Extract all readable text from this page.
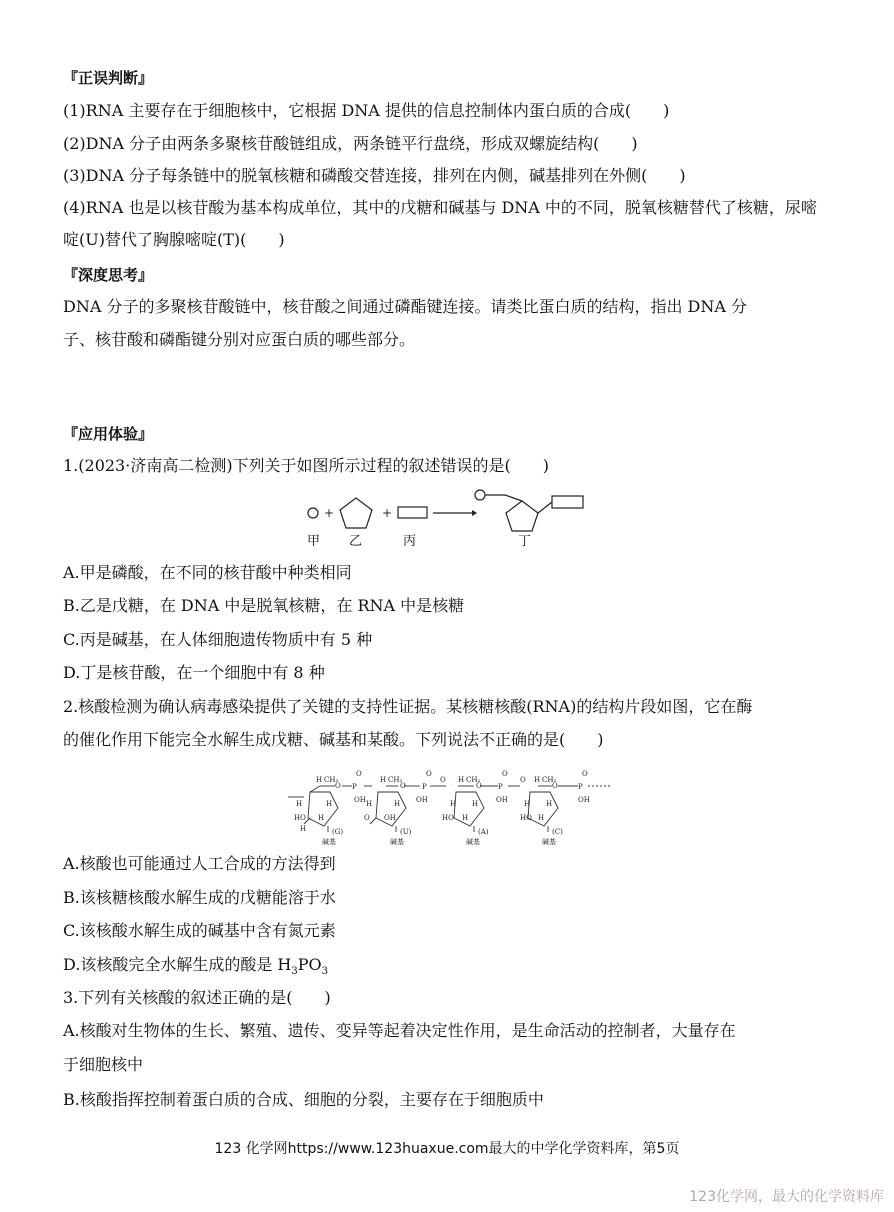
『正误判断』
(1)RNA 主要存在于细胞核中，它根据 DNA 提供的信息控制体内蛋白质的合成(　　)
(2)DNA 分子由两条多聚核苷酸链组成，两条链平行盘绕，形成双螺旋结构(　　)
(3)DNA 分子每条链中的脱氧核糖和磷酸交替连接，排列在内侧，碱基排列在外侧(　　)
(4)RNA 也是以核苷酸为基本构成单位，其中的戊糖和碱基与 DNA 中的不同，脱氧核糖替代了核糖，尿嘧
啶(U)替代了胸腺嘧啶(T)(　　)
『深度思考』
DNA 分子的多聚核苷酸链中，核苷酸之间通过磷酯键连接。请类比蛋白质的结构，指出 DNA 分
子、核苷酸和磷酯键分别对应蛋白质的哪些部分。
『应用体验』
1.(2023·济南高二检测)下列关于如图所示过程的叙述错误的是(　　)
+	+
甲 乙	丙	丁
A.甲是磷酸，在不同的核苷酸中种类相同
B.乙是戊糖，在 DNA 中是脱氧核糖，在 RNA 中是核糖
C.丙是碱基，在人体细胞遗传物质中有 5 种
D.丁是核苷酸，在一个细胞中有 8 种
2.核酸检测为确认病毒感染提供了关键的支持性证据。某核糖核酸(RNA)的结构片段如图，它在酶
的催化作用下能完全水解生成戊糖、碱基和某酸。下列说法不正确的是(　　)
H CH₂
O P
O
OH
H	H
HO H
H	(G)
碱基
H CH₂
O P
O
OH
H	H
O OH
(U)
碱基
O H CH₂
O P
O
OH
H H
HO H
(A)
碱基
O H CH₂
O	P
O
OH
H H
HO H
(C)
碱基
A.核酸也可能通过人工合成的方法得到
B.该核糖核酸水解生成的戊糖能溶于水
C.该核酸水解生成的碱基中含有氮元素
D.该核酸完全水解生成的酸是 $H_3PO_3$
3.下列有关核酸的叙述正确的是(　　)
A.核酸对生物体的生长、繁殖、遗传、变异等起着决定性作用，是生命活动的控制者，大量存在
于细胞核中
B.核酸指挥控制着蛋白质的合成、细胞的分裂，主要存在于细胞质中
123 化学网https://www.123huaxue.com最大的中学化学资料库，第5页
123化学网，最大的化学资料库
